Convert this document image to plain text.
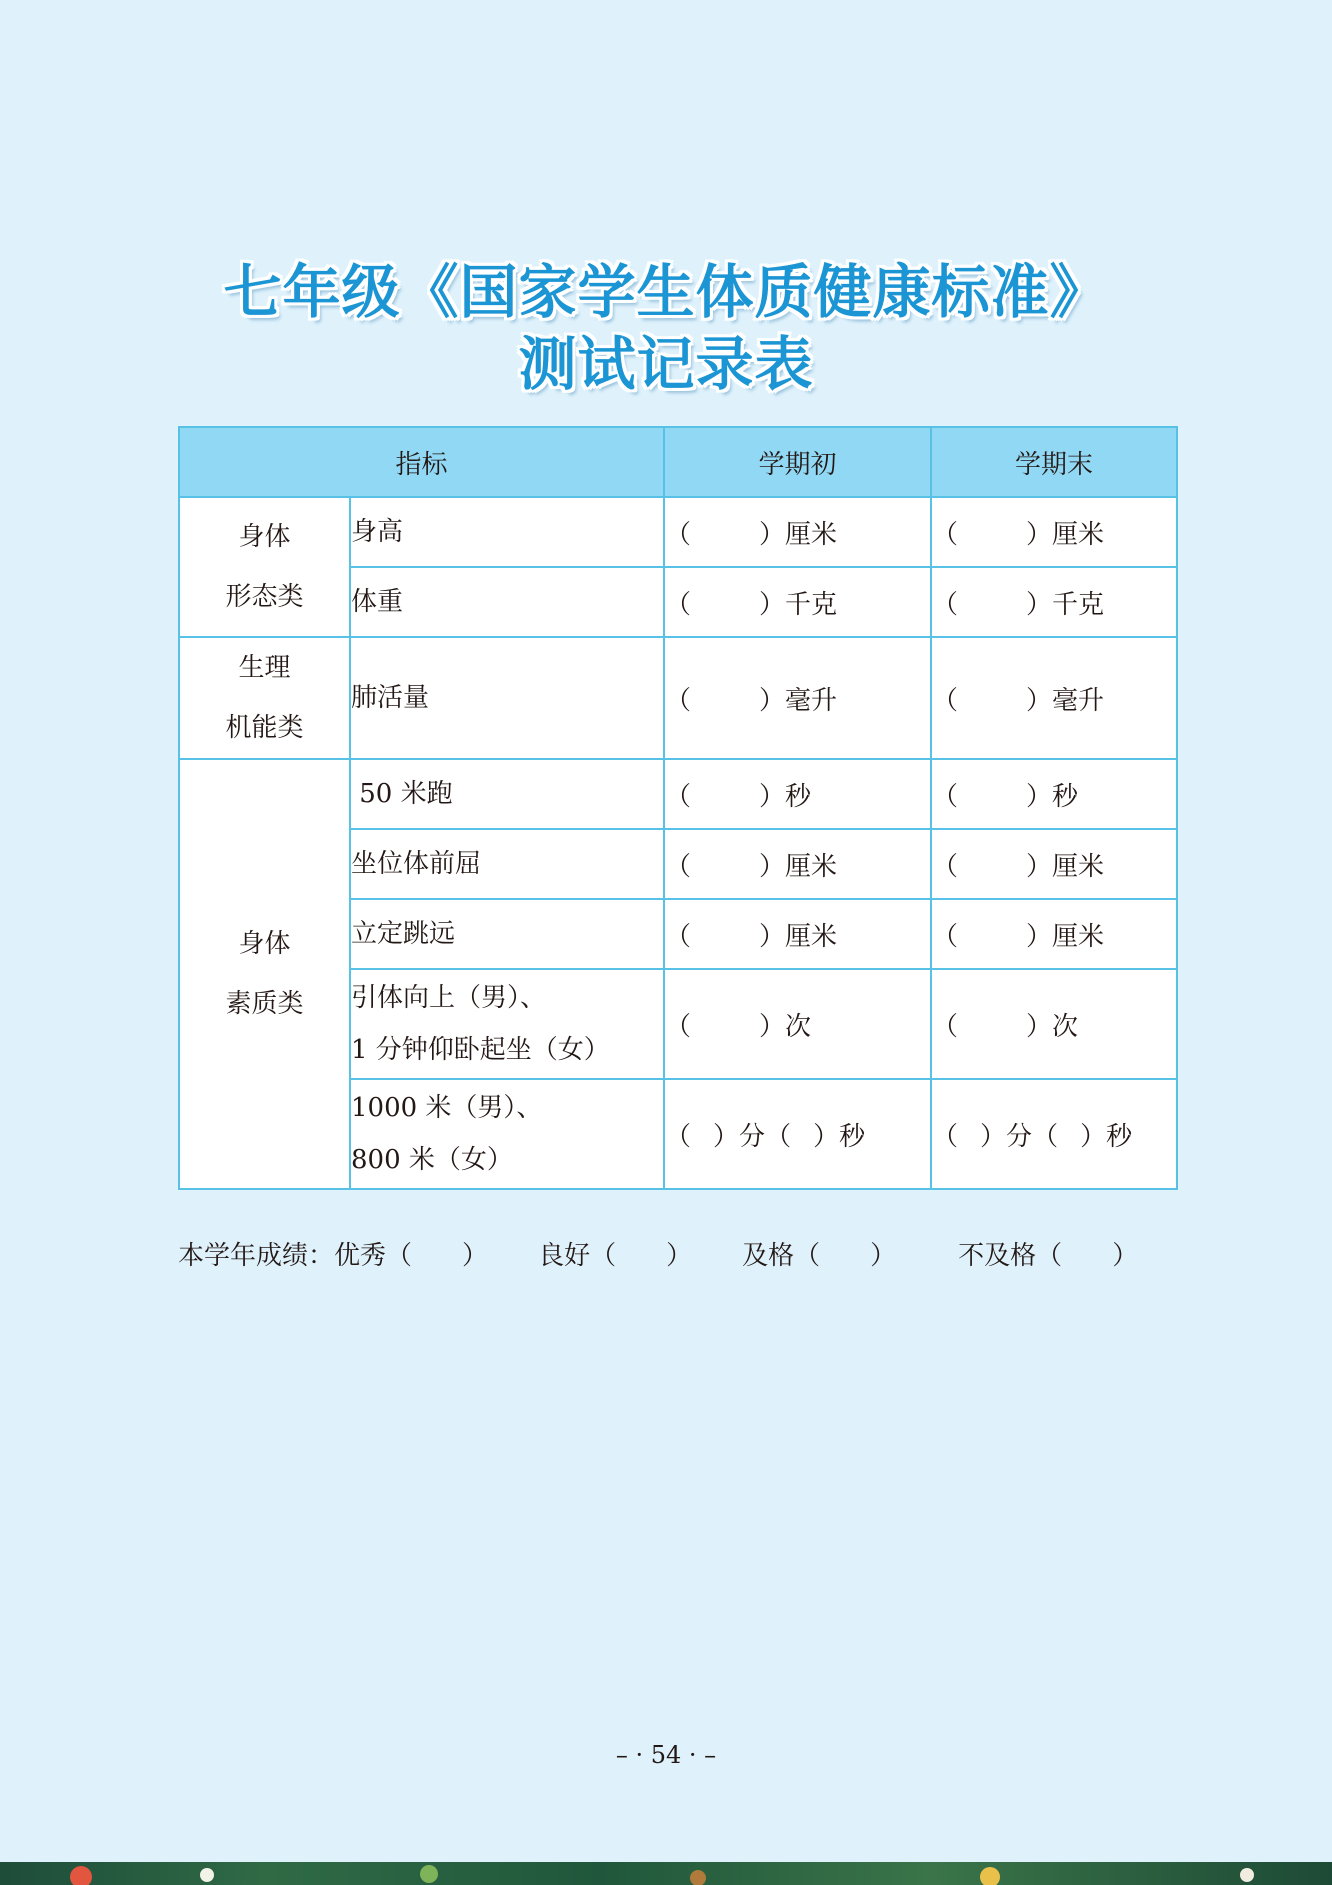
七年级《国家学生体质健康标准》
测试记录表
指标		学期初	学期末

身体
形态类	身高	（ ）厘米	（ ）厘米
	体重	（ ）千克	（ ）千克

生理
机能类	肺活量	（ ）毫升	（ ）毫升

身体
素质类	50 米跑	（ ）秒	（ ）秒
	坐位体前屈	（ ）厘米	（ ）厘米
	立定跳远	（ ）厘米	（ ）厘米

	引体向上（男）、
1 分钟仰卧起坐（女）	（ ）次	（ ）次

	1000 米（男）、
800 米（女）	（ ）分（ ）秒	（ ）分（ ）秒
本学年成绩：优秀（ ） 良好（ ） 及格（ ） 不及格（ ）
– · 54 · –
